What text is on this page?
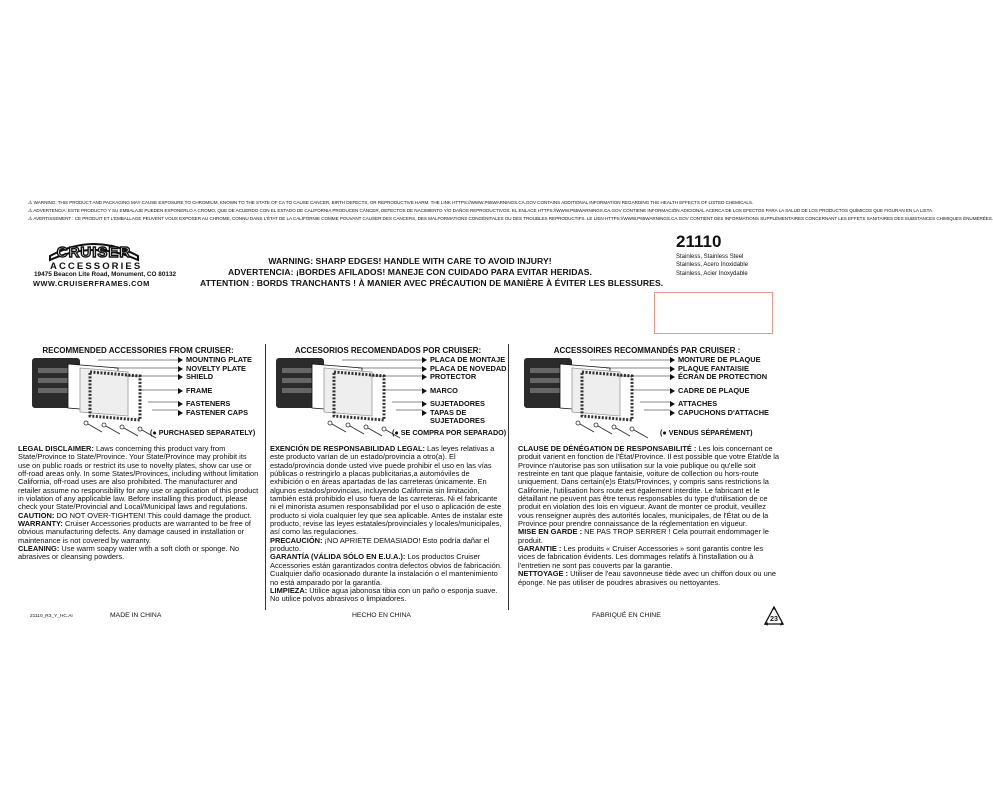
⚠ WARNING: THIS PRODUCT AND PACKAGING MAY CAUSE EXPOSURE TO CHROMIUM, KNOWN TO THE STATE OF CA TO CAUSE CANCER, BIRTH DEFECTS, OR REPRODUCTIVE HARM. THE LINK HTTPS://WWW.P65WARNINGS.CA.GOV CONTAINS ADDITIONAL INFORMATION REGARDING THE HEALTH EFFECTS OF LISTED CHEMICALS.
⚠ ADVERTENCIA: ESTE PRODUCTO Y SU EMBALAJE PUEDEN EXPONERLO A CROMO, QUE DE ACUERDO CON EL ESTADO DE CALIFORNIA PRODUCEN CÁNCER, DEFECTOS DE NACIMIENTO Y/O DAÑOS REPRODUCTIVOS. EL ENLACE HTTPS://WWW.P65WARNINGS.CA.GOV CONTIENE INFORMACIÓN ADICIONAL ACERCA DE LOS EFECTOS PARA LA SALUD DE LOS PRODUCTOS QUÍMICOS QUE FIGURAN EN LA LISTA.
⚠ AVERTISSEMENT : CE PRODUIT ET L'EMBALLAGE PEUVENT VOUS EXPOSER AU CHROME, CONNU DANS L'ÉTAT DE LA CALIFORNIE COMME POUVANT CAUSER DES CANCERS, DES MALFORMATIONS CONGÉNITALES OU DES TROUBLES REPRODUCTIFS. LE LIEN HTTPS://WWW.P65WARNINGS.CA.GOV CONTIENT DES INFORMATIONS SUPPLÉMENTAIRES CONCERNANT LES EFFETS SANITAIRES DES SUBSTANCES CHIMIQUES ÉNUMÉRÉES.
CRUISER
ACCESSORIES
19475 Beacon Lite Road, Monument, CO 80132
WWW.CRUISERFRAMES.COM
WARNING: SHARP EDGES! HANDLE WITH CARE TO AVOID INJURY!
ADVERTENCIA: ¡BORDES AFILADOS! MANEJE CON CUIDADO PARA EVITAR HERIDAS.
ATTENTION : BORDS TRANCHANTS ! À MANIER AVEC PRÉCAUTION DE MANIÈRE À ÉVITER LES BLESSURES.
21110
Stainless, Stainless Steel
Stainless, Acero Inoxidable
Stainless, Acier Inoxydable
RECOMMENDED ACCESSORIES FROM CRUISER:	ACCESORIOS RECOMENDADOS POR CRUISER:	ACCESSOIRES RECOMMANDÉS PAR CRUISER :
MOUNTING PLATE
NOVELTY PLATE
SHIELD
FRAME
FASTENERS
FASTENER CAPS
PLACA DE MONTAJE
PLACA DE NOVEDAD
PROTECTOR
MARCO
SUJETADORES
TAPAS DE
SUJETADORES
MONTURE DE PLAQUE
PLAQUE FANTAISIE
ÉCRAN DE PROTECTION
CADRE DE PLAQUE
ATTACHES
CAPUCHONS D'ATTACHE
(● PURCHASED SEPARATELY)	(● SE COMPRA POR SEPARADO)	(● VENDUS SÉPARÉMENT)

LEGAL DISCLAIMER: Laws concerning this product vary from State/Province to State/Province. Your State/Province may prohibit its use on public roads or restrict its use to novelty plates, show car use or off-road areas only. In some States/Provinces, including without limitation California, off-road uses are also prohibited. The manufacturer and retailer assume no responsibility for any use or application of this product in violation of any applicable law. Before installing this product, please check your State/Provincial and Local/Municipal laws and regulations.

CAUTION: DO NOT OVER-TIGHTEN! This could damage the product.

WARRANTY: Cruiser Accessories products are warranted to be free of obvious manufacturing defects. Any damage caused in installation or maintenance is not covered by warranty.

CLEANING: Use warm soapy water with a soft cloth or sponge. No abrasives or cleansing powders.

EXENCIÓN DE RESPONSABILIDAD LEGAL: Las leyes relativas a este producto varían de un estado/provincia a otro(a). El estado/provincia donde usted vive puede prohibir el uso en las vías públicas o restringirlo a placas publicitarias,a automóviles de exhibición o en áreas apartadas de las carreteras únicamente. En algunos estados/provincias, incluyendo California sin limitación, también está prohibido el uso fuera de las carreteras. Ni el fabricante ni el minorista asumen responsabilidad por el uso o aplicación de este producto si viola cualquier ley que sea aplicable. Antes de instalar este producto, revise las leyes estatales/provinciales y locales/municipales, así como las regulaciones.

PRECAUCIÓN: ¡NO APRIETE DEMASIADO! Esto podría dañar el producto.

GARANTÍA (VÁLIDA SÓLO EN E.U.A.): Los productos Cruiser Accessories están garantizados contra defectos obvios de fabricación. Cualquier daño ocasionado durante la instalación o el mantenimiento no está amparado por la garantía.

LIMPIEZA: Utilice agua jabonosa tibia con un paño o esponja suave. No utilice polvos abrasivos o limpiadores.

CLAUSE DE DÉNÉGATION DE RESPONSABILITÉ : Les lois concernant ce produit varient en fonction de l'État/Province. Il est possible que votre État/de la Province n'autorise pas son utilisation sur la voie publique ou qu'elle soit restreinte en tant que plaque fantaisie, voiture de collection ou hors-route uniquement. Dans certain(e)s États/Provinces, y compris sans restrictions la Californie, l'utilisation hors route est également interdite. Le fabricant et le détaillant ne peuvent pas être tenus responsables du type d'utilisation de ce produit en violation des lois en vigueur. Avant de monter ce produit, veuillez vous renseigner auprès des autorités locales, municipales, de l'État ou de la Province pour prendre connaissance de la réglementation en vigueur.

MISE EN GARDE : NE PAS TROP SERRER ! Cela pourrait endommager le produit.

GARANTIE : Les produits « Cruiser Accessories » sont garantis contre les vices de fabrication évidents. Les dommages relatifs à l'installation ou à l'entretien ne sont pas couverts par la garantie.

NETTOYAGE : Utiliser de l'eau savonneuse tiède avec un chiffon doux ou une éponge. Ne pas utiliser de poudres abrasives ou nettoyantes.

21110_R3_Y_HC.AI	MADE IN CHINA	HECHO EN CHINA	FABRIQUÉ EN CHINE
23
